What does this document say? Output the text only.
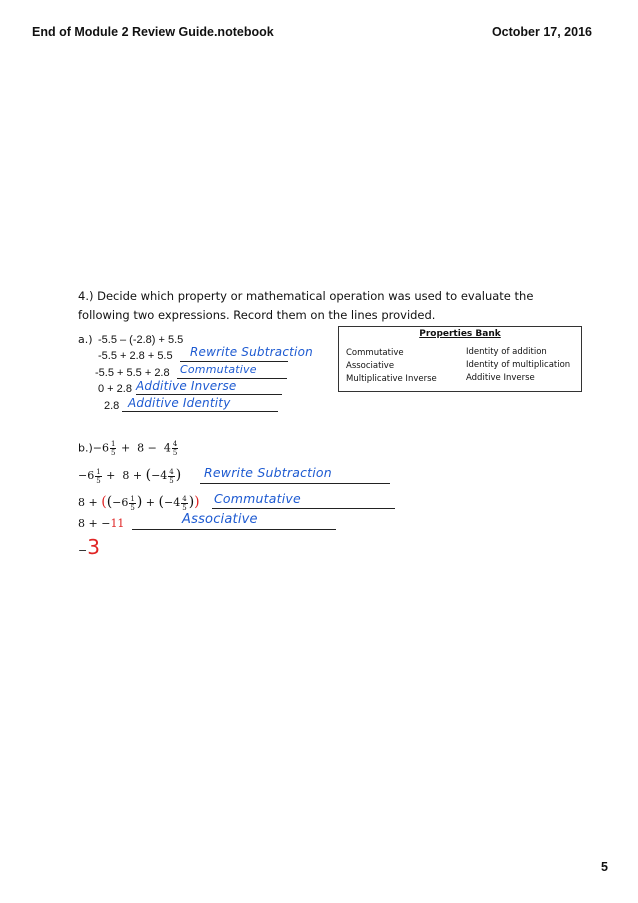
End of Module 2 Review Guide.notebook	October 17, 2016
4.) Decide which property or mathematical operation was used to evaluate the
following two expressions. Record them on the lines provided.
a.) -5.5 – (-2.8) + 5.5
-5.5 + 2.8 + 5.5 Rewrite Subtraction
-5.5 + 5.5 + 2.8 Commutative
0 + 2.8 Additive Inverse
2.8 Additive Identity
Properties Bank
Commutative
Associative
Multiplicative Inverse
Identity of addition
Identity of multiplication
Additive Inverse
$b.)-6 \frac{1}{5} + 8 - 4 \frac{4}{5}$
$-6 \frac{1}{5} + 8 + (-4 \frac{4}{5}$ ) Rewrite Subtraction
$8 + ((-6 \frac{1}{5}$ ) + ($-4 \frac{4}{5}$ )) Commutative
8 + −11	Associative
−3
5
